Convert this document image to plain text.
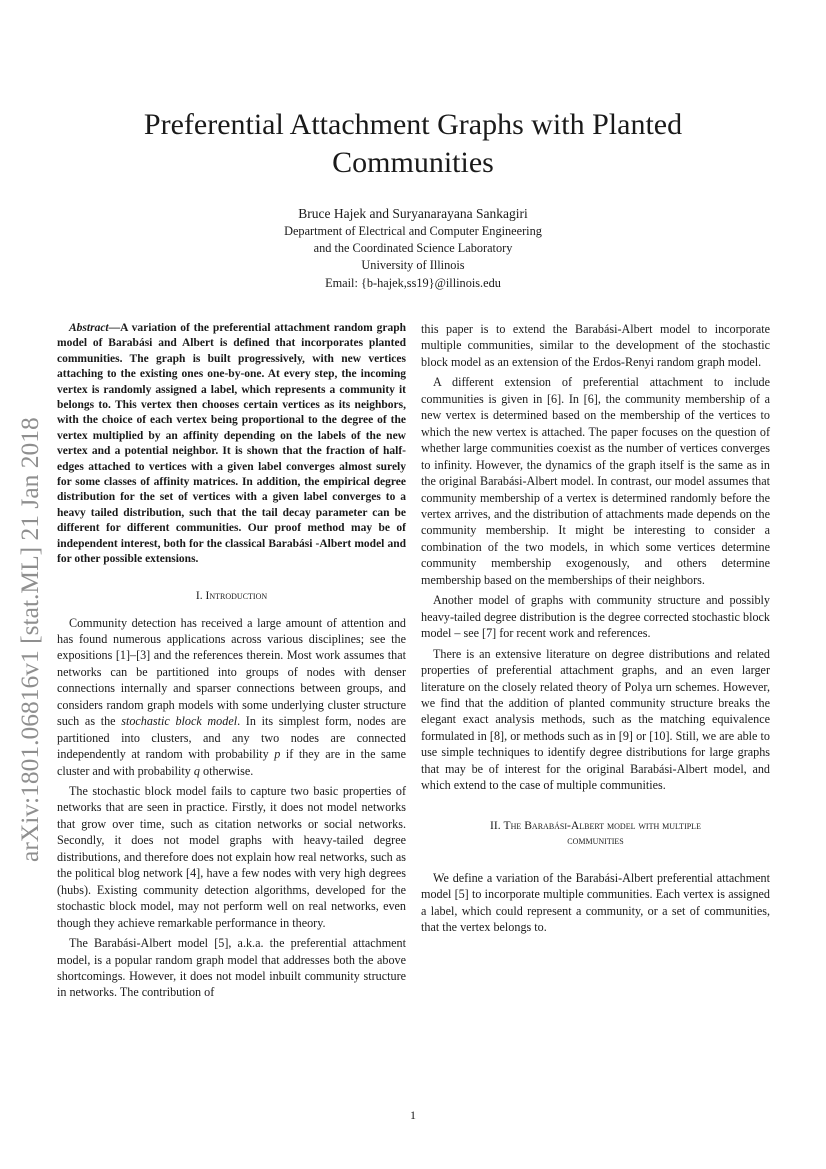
Preferential Attachment Graphs with Planted Communities
Bruce Hajek and Suryanarayana Sankagiri
Department of Electrical and Computer Engineering
and the Coordinated Science Laboratory
University of Illinois
Email: {b-hajek,ss19}@illinois.edu
arXiv:1801.06816v1 [stat.ML] 21 Jan 2018

Abstract—A variation of the preferential attachment random graph model of Barabási and Albert is defined that incorporates planted communities. The graph is built progressively, with new vertices attaching to the existing ones one-by-one. At every step, the incoming vertex is randomly assigned a label, which represents a community it belongs to. This vertex then chooses certain vertices as its neighbors, with the choice of each vertex being proportional to the degree of the vertex multiplied by an affinity depending on the labels of the new vertex and a potential neighbor. It is shown that the fraction of half-edges attached to vertices with a given label converges almost surely for some classes of affinity matrices. In addition, the empirical degree distribution for the set of vertices with a given label converges to a heavy tailed distribution, such that the tail decay parameter can be different for different communities. Our proof method may be of independent interest, both for the classical Barabási -Albert model and for other possible extensions.

I. Introduction

Community detection has received a large amount of attention and has found numerous applications across various disciplines; see the expositions [1]–[3] and the references therein. Most work assumes that networks can be partitioned into groups of nodes with denser connections internally and sparser connections between groups, and considers random graph models with some underlying cluster structure such as the stochastic block model. In its simplest form, nodes are partitioned into clusters, and any two nodes are connected independently at random with probability p if they are in the same cluster and with probability q otherwise.

The stochastic block model fails to capture two basic properties of networks that are seen in practice. Firstly, it does not model networks that grow over time, such as citation networks or social networks. Secondly, it does not model graphs with heavy-tailed degree distributions, and therefore does not explain how real networks, such as the political blog network [4], have a few nodes with very high degrees (hubs). Existing community detection algorithms, developed for the stochastic block model, may not perform well on real networks, even though they achieve remarkable performance in theory.

The Barabási-Albert model [5], a.k.a. the preferential attachment model, is a popular random graph model that addresses both the above shortcomings. However, it does not model inbuilt community structure in networks. The contribution of

this paper is to extend the Barabási-Albert model to incorporate multiple communities, similar to the development of the stochastic block model as an extension of the Erdos-Renyi random graph model.

A different extension of preferential attachment to include communities is given in [6]. In [6], the community membership of a new vertex is determined based on the membership of the vertices to which the new vertex is attached. The paper focuses on the question of whether large communities coexist as the number of vertices converges to infinity. However, the dynamics of the graph itself is the same as in the original Barabási-Albert model. In contrast, our model assumes that community membership of a vertex is determined randomly before the vertex arrives, and the distribution of attachments made depends on the community membership. It might be interesting to consider a combination of the two models, in which some vertices determine community membership exogenously, and others determine membership based on the memberships of their neighbors.

Another model of graphs with community structure and possibly heavy-tailed degree distribution is the degree corrected stochastic block model – see [7] for recent work and references.

There is an extensive literature on degree distributions and related properties of preferential attachment graphs, and an even larger literature on the closely related theory of Polya urn schemes. However, we find that the addition of planted community structure breaks the elegant exact analysis methods, such as the matching equivalence formulated in [8], or methods such as in [9] or [10]. Still, we are able to use simple techniques to identify degree distributions for large graphs that may be of interest for the original Barabási-Albert model, and which extend to the case of multiple communities.

II. The Barabási-Albert model with multiple
communities

We define a variation of the Barabási-Albert preferential attachment model [5] to incorporate multiple communities. Each vertex is assigned a label, which could represent a community, or a set of communities, that the vertex belongs to.

1
